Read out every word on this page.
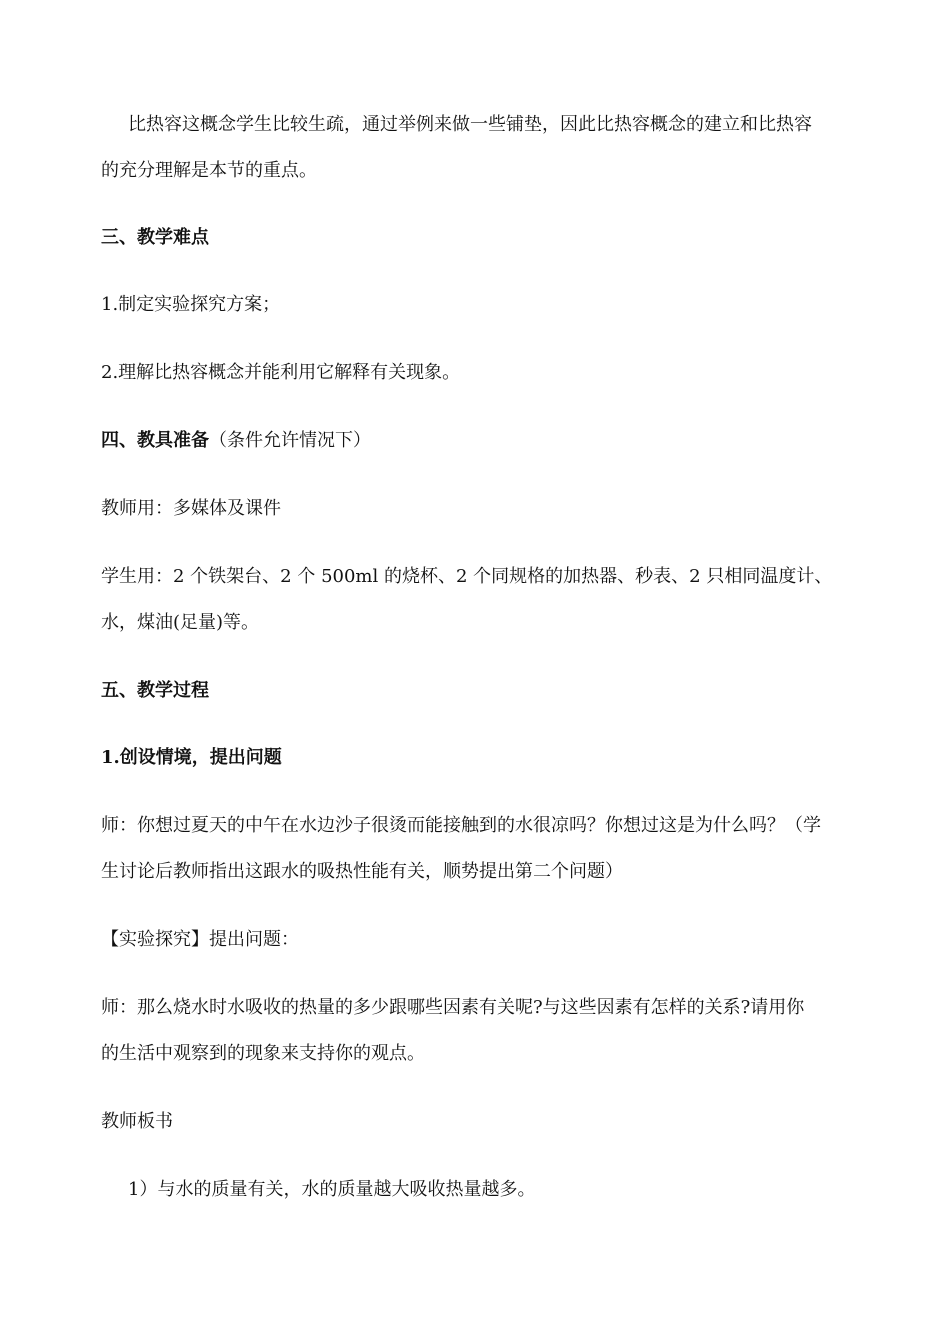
比热容这概念学生比较生疏，通过举例来做一些铺垫，因此比热容概念的建立和比热容

的充分理解是本节的重点。

三、教学难点

1.制定实验探究方案；

2.理解比热容概念并能利用它解释有关现象。

四、教具准备（条件允许情况下）

教师用：多媒体及课件

学生用：2 个铁架台、2 个 500ml 的烧杯、2 个同规格的加热器、秒表、2 只相同温度计、

水，煤油(足量)等。

五、教学过程

1.创设情境，提出问题

师：你想过夏天的中午在水边沙子很烫而能接触到的水很凉吗？你想过这是为什么吗？（学

生讨论后教师指出这跟水的吸热性能有关，顺势提出第二个问题）

【实验探究】提出问题：

师：那么烧水时水吸收的热量的多少跟哪些因素有关呢?与这些因素有怎样的关系?请用你

的生活中观察到的现象来支持你的观点。

教师板书

1）与水的质量有关，水的质量越大吸收热量越多。
